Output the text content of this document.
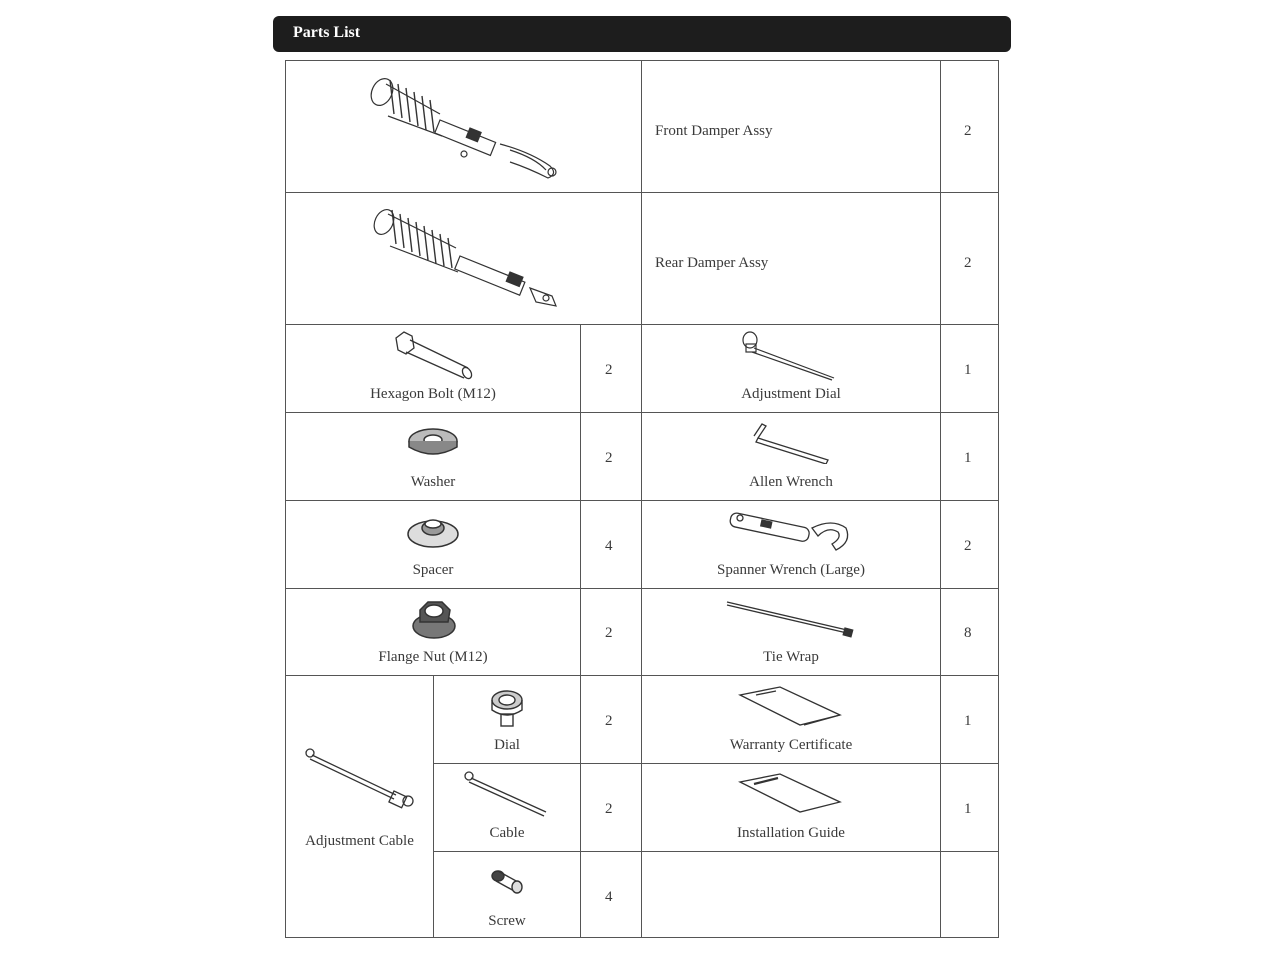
Parts List
Front Damper Assy	2
Rear Damper Assy	2
Hexagon Bolt (M12)
2
Adjustment Dial
1
Washer
2
Allen Wrench
1
Spacer
4
Spanner Wrench (Large)
2
Flange Nut (M12)
2
Tie Wrap
8
Adjustment Cable
Dial
2
Warranty Certificate
1
Cable
2
Installation Guide
1
Screw
4
